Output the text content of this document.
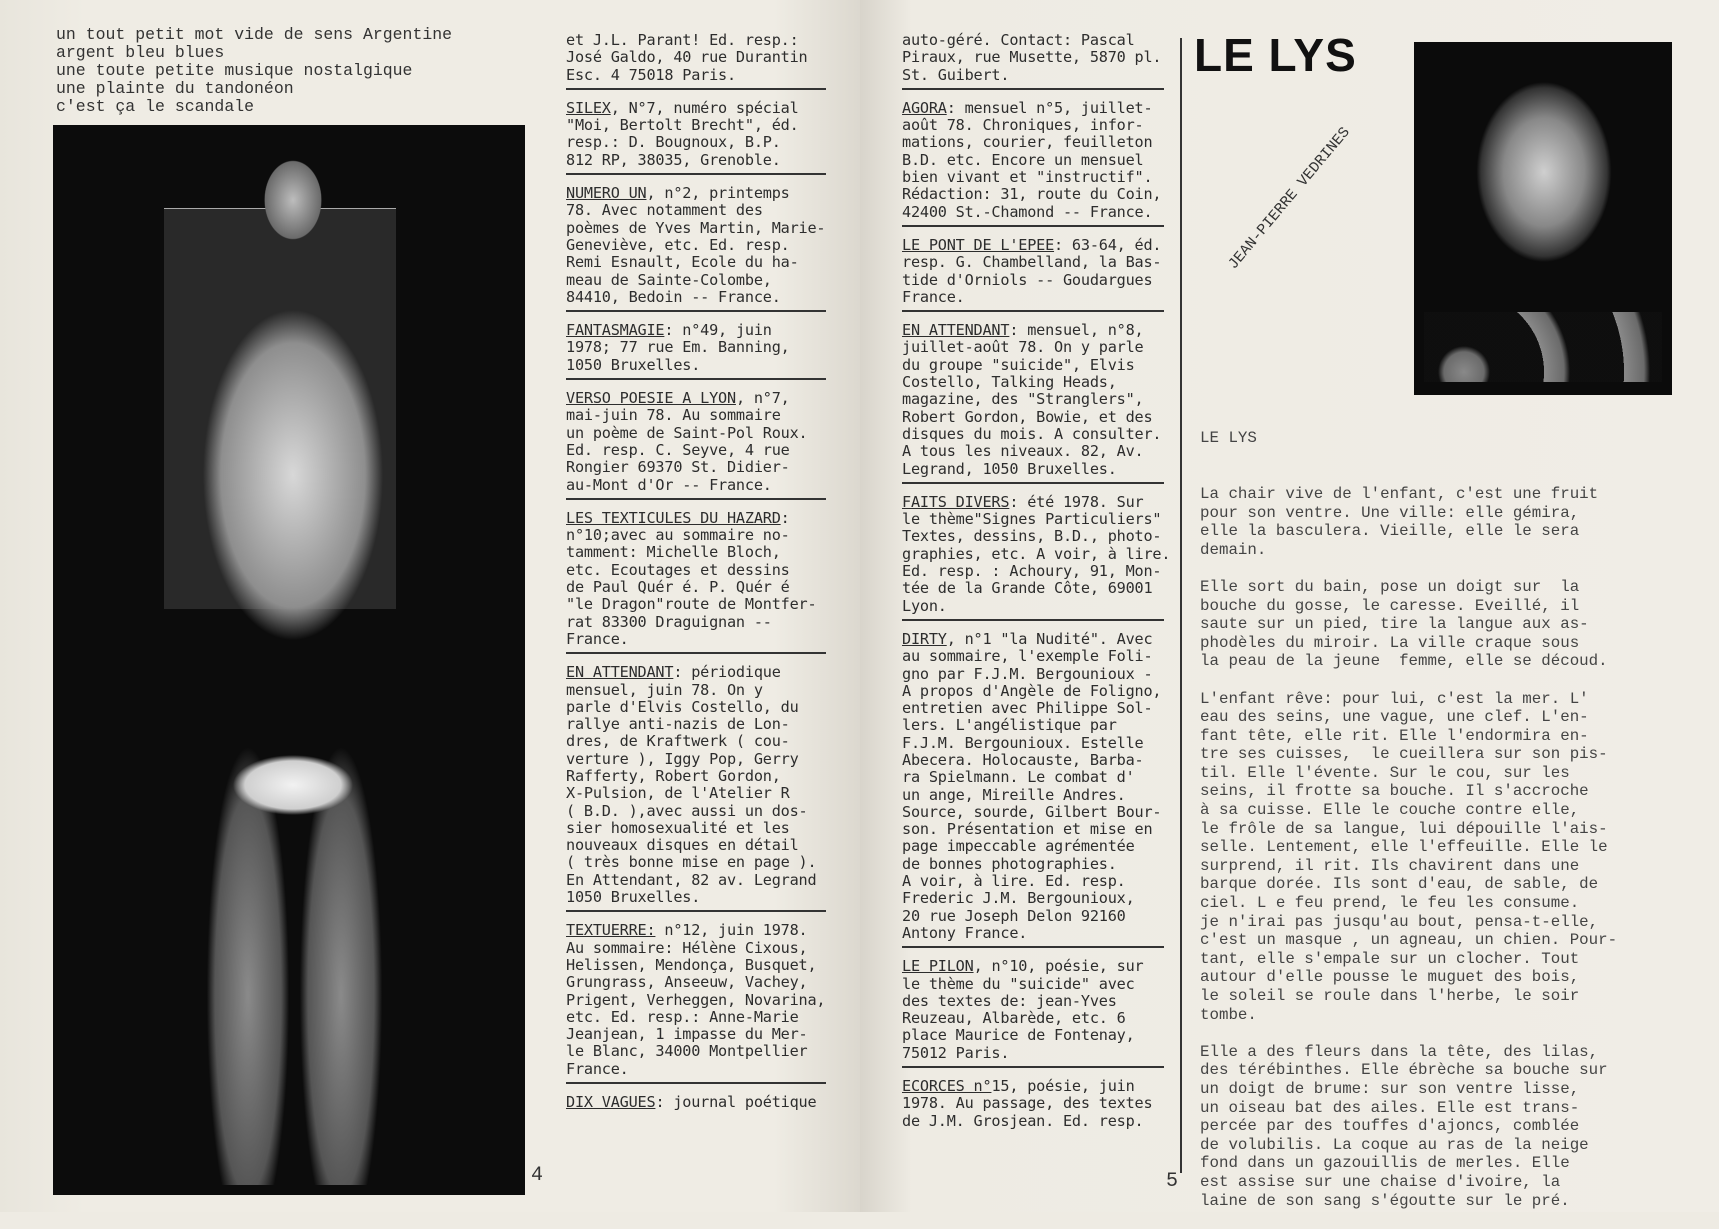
un tout petit mot vide de sens Argentine
argent bleu blues
une toute petite musique nostalgique
une plainte du tandonéon
c'est ça le scandale
et J.L. Parant! Ed. resp.:
José Galdo, 40 rue Durantin
Esc. 4 75018 Paris.
SILEX, N°7, numéro spécial
"Moi, Bertolt Brecht", éd.
resp.: D. Bougnoux, B.P.
812 RP, 38035, Grenoble.
NUMERO UN, n°2, printemps
78. Avec notamment des
poèmes de Yves Martin, Marie-
Geneviève, etc. Ed. resp.
Remi Esnault, Ecole du ha-
meau de Sainte-Colombe,
84410, Bedoin -- France.
FANTASMAGIE: n°49, juin
1978; 77 rue Em. Banning,
1050 Bruxelles.
VERSO POESIE A LYON, n°7,
mai-juin 78. Au sommaire
un poème de Saint-Pol Roux.
Ed. resp. C. Seyve, 4 rue
Rongier 69370 St. Didier-
au-Mont d'Or -- France.
LES TEXTICULES DU HAZARD:
n°10;avec au sommaire no-
tamment: Michelle Bloch,
etc. Ecoutages et dessins
de Paul Quér é. P. Quér é
"le Dragon"route de Montfer-
rat 83300 Draguignan --
France.
EN ATTENDANT: périodique
mensuel, juin 78. On y
parle d'Elvis Costello, du
rallye anti-nazis de Lon-
dres, de Kraftwerk ( cou-
verture ), Iggy Pop, Gerry
Rafferty, Robert Gordon,
X-Pulsion, de l'Atelier R
( B.D. ),avec aussi un dos-
sier homosexualité et les
nouveaux disques en détail
( très bonne mise en page ).
En Attendant, 82 av. Legrand
1050 Bruxelles.
TEXTUERRE: n°12, juin 1978.
Au sommaire: Hélène Cixous,
Helissen, Mendonça, Busquet,
Grungrass, Anseeuw, Vachey,
Prigent, Verheggen, Novarina,
etc. Ed. resp.: Anne-Marie
Jeanjean, 1 impasse du Mer-
le Blanc, 34000 Montpellier
France.
DIX VAGUES: journal poétique
4
auto-géré. Contact: Pascal
Piraux, rue Musette, 5870 pl.
St. Guibert.
AGORA: mensuel n°5, juillet-
août 78. Chroniques, infor-
mations, courier, feuilleton
B.D. etc. Encore un mensuel
bien vivant et "instructif".
Rédaction: 31, route du Coin,
42400 St.-Chamond -- France.
LE PONT DE L'EPEE: 63-64, éd.
resp. G. Chambelland, la Bas-
tide d'Orniols -- Goudargues
France.
EN ATTENDANT: mensuel, n°8,
juillet-août 78. On y parle
du groupe "suicide", Elvis
Costello, Talking Heads,
magazine, des "Stranglers",
Robert Gordon, Bowie, et des
disques du mois. A consulter.
A tous les niveaux. 82, Av.
Legrand, 1050 Bruxelles.
FAITS DIVERS: été 1978. Sur
le thème"Signes Particuliers"
Textes, dessins, B.D., photo-
graphies, etc. A voir, à lire.
Ed. resp. : Achoury, 91, Mon-
tée de la Grande Côte, 69001
Lyon.
DIRTY, n°1 "la Nudité". Avec
au sommaire, l'exemple Foli-
gno par F.J.M. Bergounioux -
A propos d'Angèle de Foligno,
entretien avec Philippe Sol-
lers. L'angélistique par
F.J.M. Bergounioux. Estelle
Abecera. Holocauste, Barba-
ra Spielmann. Le combat d'
un ange, Mireille Andres.
Source, sourde, Gilbert Bour-
son. Présentation et mise en
page impeccable agrémentée
de bonnes photographies.
A voir, à lire. Ed. resp.
Frederic J.M. Bergounioux,
20 rue Joseph Delon 92160
Antony France.
LE PILON, n°10, poésie, sur
le thème du "suicide" avec
des textes de: jean-Yves
Reuzeau, Albarède, etc. 6
place Maurice de Fontenay,
75012 Paris.
ECORCES n°15, poésie, juin
1978. Au passage, des textes
de J.M. Grosjean. Ed. resp.
5
LE LYS
JEAN-PIERRE VEDRINES

LE LYS

La chair vive de l'enfant, c'est une fruit
pour son ventre. Une ville: elle gémira,
elle la basculera. Vieille, elle le sera
demain.

Elle sort du bain, pose un doigt sur  la
bouche du gosse, le caresse. Eveillé, il
saute sur un pied, tire la langue aux as-
phodèles du miroir. La ville craque sous
la peau de la jeune  femme, elle se découd.

L'enfant rêve: pour lui, c'est la mer. L'
eau des seins, une vague, une clef. L'en-
fant tête, elle rit. Elle l'endormira en-
tre ses cuisses,  le cueillera sur son pis-
til. Elle l'évente. Sur le cou, sur les
seins, il frotte sa bouche. Il s'accroche
à sa cuisse. Elle le couche contre elle,
le frôle de sa langue, lui dépouille l'ais-
selle. Lentement, elle l'effeuille. Elle le
surprend, il rit. Ils chavirent dans une
barque dorée. Ils sont d'eau, de sable, de
ciel. L e feu prend, le feu les consume.
je n'irai pas jusqu'au bout, pensa-t-elle,
c'est un masque , un agneau, un chien. Pour-
tant, elle s'empale sur un clocher. Tout
autour d'elle pousse le muguet des bois,
le soleil se roule dans l'herbe, le soir
tombe.

Elle a des fleurs dans la tête, des lilas,
des térébinthes. Elle ébrèche sa bouche sur
un doigt de brume: sur son ventre lisse,
un oiseau bat des ailes. Elle est trans-
percée par des touffes d'ajoncs, comblée
de volubilis. La coque au ras de la neige
fond dans un gazouillis de merles. Elle
est assise sur une chaise d'ivoire, la
laine de son sang s'égoutte sur le pré.
